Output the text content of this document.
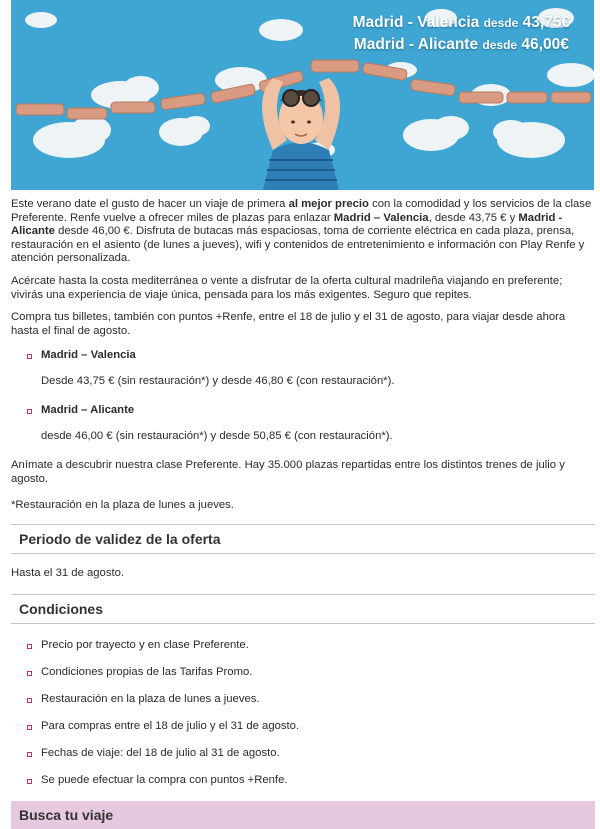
Madrid - Valencia desde 43,75€
Madrid - Alicante desde 46,00€

Este verano date el gusto de hacer un viaje de primera al mejor precio con la comodidad y los servicios de la clase Preferente. Renfe vuelve a ofrecer miles de plazas para enlazar Madrid – Valencia, desde 43,75 € y Madrid - Alicante desde 46,00 €. Disfruta de butacas más espaciosas, toma de corriente eléctrica en cada plaza, prensa, restauración en el asiento (de lunes a jueves), wifi y contenidos de entretenimiento e información con Play Renfe y atención personalizada.

Acércate hasta la costa mediterránea o vente a disfrutar de la oferta cultural madrileña viajando en preferente; vivirás una experiencia de viaje única, pensada para los más exigentes. Seguro que repites.

Compra tus billetes, también con puntos +Renfe, entre el 18 de julio y el 31 de agosto, para viajar desde ahora hasta el final de agosto.

Madrid – Valencia
Desde 43,75 € (sin restauración*) y desde 46,80 € (con restauración*).
Madrid – Alicante
desde 46,00 € (sin restauración*) y desde 50,85 € (con restauración*).

Anímate a descubrir nuestra clase Preferente. Hay 35.000 plazas repartidas entre los distintos trenes de julio y agosto.

*Restauración en la plaza de lunes a jueves.

Periodo de validez de la oferta

Hasta el 31 de agosto.

Condiciones
Precio por trayecto y en clase Preferente.
Condiciones propias de las Tarifas Promo.
Restauración en la plaza de lunes a jueves.
Para compras entre el 18 de julio y el 31 de agosto.
Fechas de viaje: del 18 de julio al 31 de agosto.
Se puede efectuar la compra con puntos +Renfe.
Busca tu viaje
